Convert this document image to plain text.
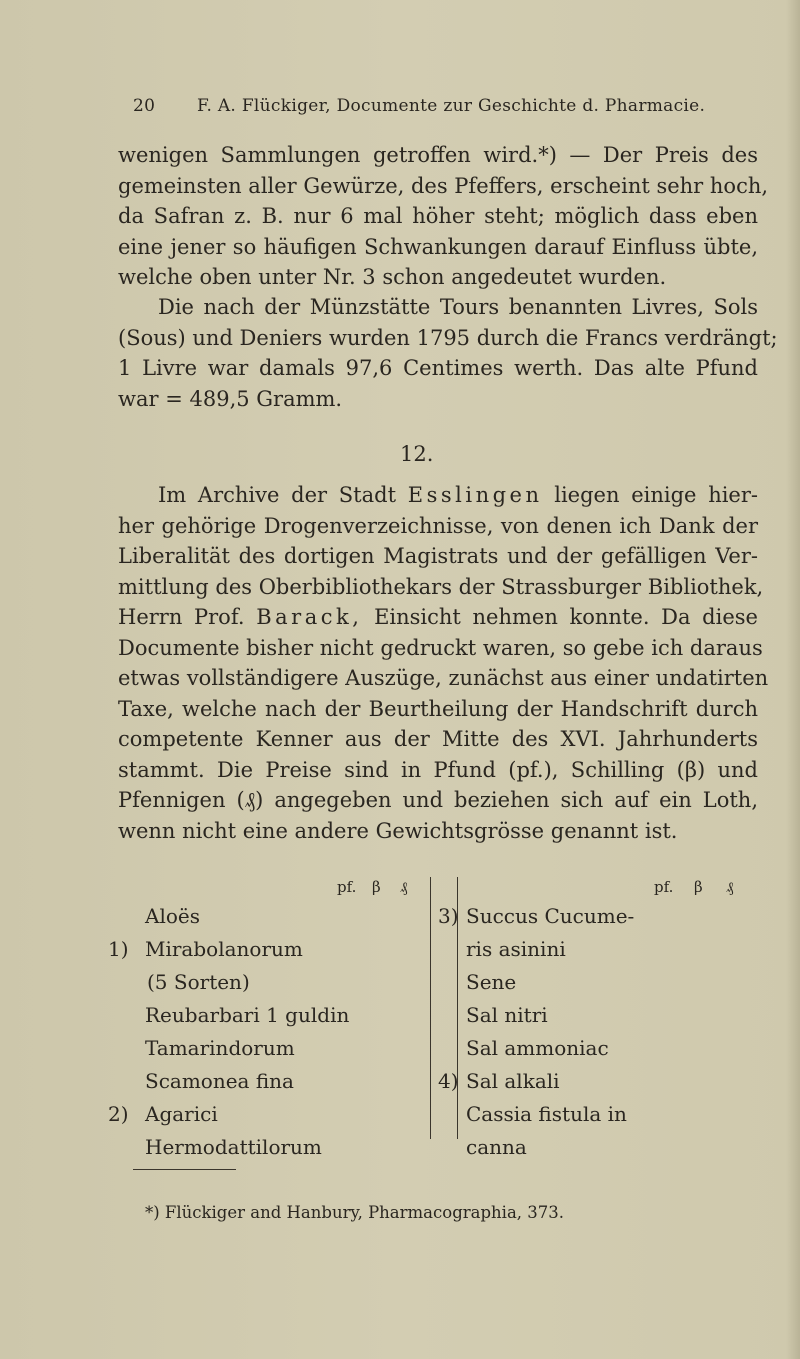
20 F. A. Flückiger, Documente zur Geschichte d. Pharmacie.

wenigen Sammlungen getroffen wird.*) — Der Preis des
gemeinsten aller Gewürze, des Pfeffers, erscheint sehr hoch,
da Safran z. B. nur 6 mal höher steht; möglich dass eben
eine jener so häufigen Schwankungen darauf Einfluss übte,
welche oben unter Nr. 3 schon angedeutet wurden.

Die nach der Münzstätte Tours benannten Livres, Sols
(Sous) und Deniers wurden 1795 durch die Francs verdrängt;
1 Livre war damals 97,6 Centimes werth. Das alte Pfund
war = 489,5 Gramm.

12.

Im Archive der Stadt Esslingen liegen einige hier-
her gehörige Drogenverzeichnisse, von denen ich Dank der
Liberalität des dortigen Magistrats und der gefälligen Ver-
mittlung des Oberbibliothekars der Strassburger Bibliothek,
Herrn Prof. Barack, Einsicht nehmen konnte. Da diese
Documente bisher nicht gedruckt waren, so gebe ich daraus
etwas vollständigere Auszüge, zunächst aus einer undatirten
Taxe, welche nach der Beurtheilung der Handschrift durch
competente Kenner aus der Mitte des XVI. Jahrhunderts
stammt. Die Preise sind in Pfund (pf.), Schilling (β) und
Pfennigen (₰) angegeben und beziehen sich auf ein Loth,
wenn nicht eine andere Gewichtsgrösse genannt ist.

pf. β ₰	pf. β ₰
Aloës
1) Mirabolanorum
(5 Sorten)
Reubarbari 1 guldin
Tamarindorum
Scamonea fina
2) Agarici
Hermodattilorum
3) Succus Cucume-
ris asinini
Sene
Sal nitri
Sal ammoniac
4) Sal alkali
Cassia fistula in
canna
*) Flückiger and Hanbury, Pharmacographia, 373.
